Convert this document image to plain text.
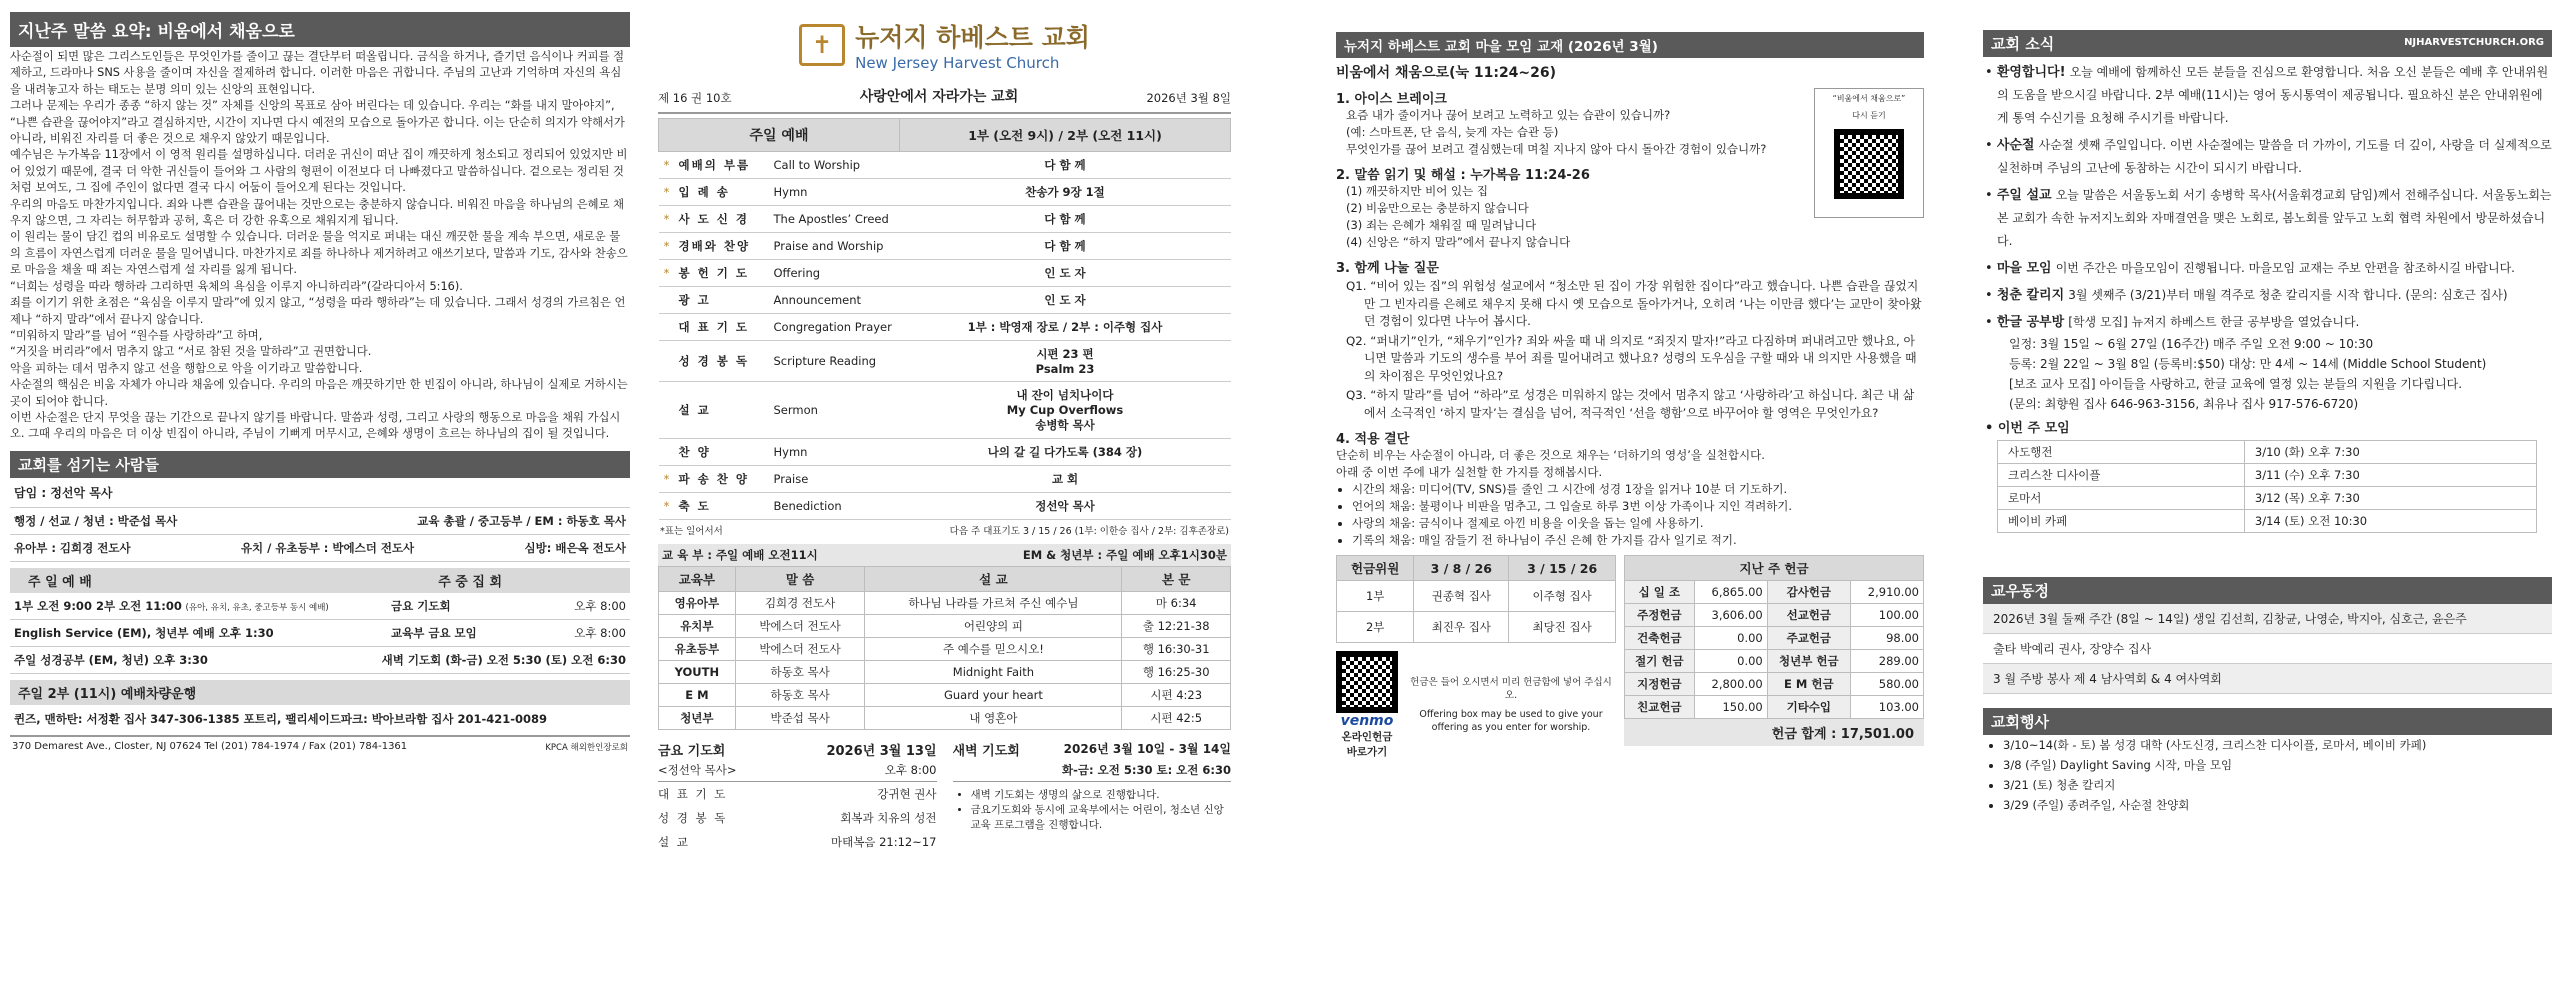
지난주 말씀 요약: 비움에서 채움으로

사순절이 되면 많은 그리스도인들은 무엇인가를 줄이고 끊는 결단부터 떠올립니다. 금식을 하거나, 즐기던 음식이나 커피를 절제하고, 드라마나 SNS 사용을 줄이며 자신을 절제하려 합니다. 이러한 마음은 귀합니다. 주님의 고난과 기억하며 자신의 욕심을 내려놓고자 하는 태도는 분명 의미 있는 신앙의 표현입니다.

그러나 문제는 우리가 종종 “하지 않는 것” 자체를 신앙의 목표로 삼아 버린다는 데 있습니다. 우리는 “화를 내지 말아야지”, “나쁜 습관을 끊어야지”라고 결심하지만, 시간이 지나면 다시 예전의 모습으로 돌아가곤 합니다. 이는 단순히 의지가 약해서가 아니라, 비워진 자리를 더 좋은 것으로 채우지 않았기 때문입니다.

예수님은 누가복음 11장에서 이 영적 원리를 설명하십니다. 더러운 귀신이 떠난 집이 깨끗하게 청소되고 정리되어 있었지만 비어 있었기 때문에, 결국 더 악한 귀신들이 들어와 그 사람의 형편이 이전보다 더 나빠졌다고 말씀하십니다. 겉으로는 정리된 것처럼 보여도, 그 집에 주인이 없다면 결국 다시 어둠이 들어오게 된다는 것입니다.

우리의 마음도 마찬가지입니다. 죄와 나쁜 습관을 끊어내는 것만으로는 충분하지 않습니다. 비워진 마음을 하나님의 은혜로 채우지 않으면, 그 자리는 허무함과 공허, 혹은 더 강한 유혹으로 채워지게 됩니다.

이 원리는 물이 담긴 컵의 비유로도 설명할 수 있습니다. 더러운 물을 억지로 퍼내는 대신 깨끗한 물을 계속 부으면, 새로운 물의 흐름이 자연스럽게 더러운 물을 밀어냅니다. 마찬가지로 죄를 하나하나 제거하려고 애쓰기보다, 말씀과 기도, 감사와 찬송으로 마음을 채울 때 죄는 자연스럽게 설 자리를 잃게 됩니다.

“너희는 성령을 따라 행하라 그리하면 육체의 욕심을 이루지 아니하리라”(갈라디아서 5:16).

죄를 이기기 위한 초점은 “육심을 이루지 말라”에 있지 않고, “성령을 따라 행하라”는 데 있습니다. 그래서 성경의 가르침은 언제나 “하지 말라”에서 끝나지 않습니다.

“미워하지 말라”를 넘어 “원수를 사랑하라”고 하며,

“거짓을 버리라”에서 멈추지 않고 “서로 참된 것을 말하라”고 권면합니다.

악을 피하는 데서 멈추지 않고 선을 행함으로 악을 이기라고 말씀합니다.

사순절의 핵심은 비움 자체가 아니라 채움에 있습니다. 우리의 마음은 깨끗하기만 한 빈집이 아니라, 하나님이 실제로 거하시는 곳이 되어야 합니다.

이번 사순절은 단지 무엇을 끊는 기간으로 끝나지 않기를 바랍니다. 말씀과 성령, 그리고 사랑의 행동으로 마음을 채워 가십시오. 그때 우리의 마음은 더 이상 빈집이 아니라, 주님이 기뻐게 머무시고, 은혜와 생명이 흐르는 하나님의 집이 될 것입니다.

교회를 섬기는 사람들
담임 : 정선악 목사
행정 / 선교 / 청년 : 박준섭 목사	교육 총괄 / 중고등부 / EM : 하동호 목사
유아부 : 김희경 전도사	유치 / 유초등부 : 박에스더 전도사	심방: 배은옥 전도사
주 일 예 배	주 중 집 회
1부 오전 9:00 2부 오전 11:00 (유아, 유치, 유초, 중고등부 동시 예배)	금요 기도회	오후 8:00
English Service (EM), 청년부 예배 오후 1:30	교육부 금요 모임	오후 8:00
주일 성경공부 (EM, 청년) 오후 3:30	새벽 기도회 (화-금) 오전 5:30 (토) 오전 6:30
주일 2부 (11시) 예배차량운행
퀸즈, 맨하탄: 서정환 집사 347-306-1385 포트리, 팰리세이드파크: 박아브라함 집사 201-421-0089
370 Demarest Ave., Closter, NJ 07624 Tel (201) 784-1974 / Fax (201) 784-1361	KPCA 해외한인장로회
✝ 뉴저지 하베스트 교회
New Jersey Harvest Church
제 16 권 10호	사랑안에서 자라가는 교회	2026년 3월 8일
주일 예배			1부 (오전 9시) / 2부 (오전 11시)
*	예배의 부름	Call to Worship	다 함 께
*	입 례 송	Hymn	찬송가 9장 1절
*	사 도 신 경	The Apostles’ Creed	다 함 께
*	경배와 찬양	Praise and Worship	다 함 께
*	봉 헌 기 도	Offering	인 도 자
	광 고	Announcement	인 도 자
	대 표 기 도	Congregation Prayer	1부 : 박영재 장로 / 2부 : 이주형 집사
	성 경 봉 독	Scripture Reading	시편 23 편
Psalm 23
	설 교	Sermon	내 잔이 넘치나이다
My Cup Overflows
송병학 목사
	찬 양	Hymn	나의 갈 길 다가도록 (384 장)
*	파 송 찬 양	Praise	교 회
*	축 도	Benediction	정선악 목사
*표는 일어서서	다음 주 대표기도 3 / 15 / 26 (1부: 이한승 집사 / 2부: 김후존장로)
교 육 부 : 주일 예배 오전11시	EM & 청년부 : 주일 예배 오후1시30분
교육부	말 씀	설 교	본 문
영유아부	김희경 전도사	하나님 나라를 가르쳐 주신 예수님	마 6:34
유치부	박에스더 전도사	어린양의 피	출 12:21-38
유초등부	박에스더 전도사	주 예수를 믿으시오!	행 16:30-31
YOUTH	하동호 목사	Midnight Faith	행 16:25-30
E M	하동호 목사	Guard your heart	시편 4:23
청년부	박준섭 목사	내 영혼아	시편 42:5
금요 기도회	2026년 3월 13일
<정선악 목사>	오후 8:00
대 표 기 도	강귀현 권사
성 경 봉 독	회복과 치유의 성전
설 교	마태복음 21:12~17
새벽 기도회	2026년 3월 10일 - 3월 14일
화-금: 오전 5:30 토: 오전 6:30
• 새벽 기도회는 생명의 삶으로 진행합니다.
• 금요기도회와 동시에 교육부에서는 어린이, 청소년 신앙 교육 프로그램을 진행합니다.
뉴저지 하베스트 교회 마을 모임 교재 (2026년 3월)
비움에서 채움으로(눅 11:24~26)
1. 아이스 브레이크
요즘 내가 줄이거나 끊어 보려고 노력하고 있는 습관이 있습니까?
(예: 스마트폰, 단 음식, 늦게 자는 습관 등)
무엇인가를 끊어 보려고 결심했는데 며칠 지나지 않아 다시 돌아간 경험이 있습니까?
2. 말씀 읽기 및 해설 : 누가복음 11:24-26
(1) 깨끗하지만 비어 있는 집
(2) 비움만으로는 충분하지 않습니다
(3) 죄는 은혜가 채워질 때 밀려납니다
(4) 신앙은 “하지 말라”에서 끝나지 않습니다
“비움에서 채움으로”
다시 듣기
3. 함께 나눌 질문
Q1. “비어 있는 집”의 위험성 설교에서 “청소만 된 집이 가장 위험한 집이다”라고 했습니다. 나쁜 습관을 끊었지만 그 빈자리를 은혜로 채우지 못해 다시 옛 모습으로 돌아가거나, 오히려 ‘나는 이만큼 했다’는 교만이 찾아왔던 경험이 있다면 나누어 봅시다.
Q2. “퍼내기”인가, “채우기”인가? 죄와 싸울 때 내 의지로 “죄짓지 말자!”라고 다짐하며 퍼내려고만 했나요, 아니면 말씀과 기도의 생수를 부어 죄를 밀어내려고 했나요? 성령의 도우심을 구할 때와 내 의지만 사용했을 때의 차이점은 무엇인었나요?
Q3. “하지 말라”를 넘어 “하라”로 성경은 미워하지 않는 것에서 멈추지 않고 ‘사랑하라’고 하십니다. 최근 내 삶에서 소극적인 ‘하지 말자’는 결심을 넘어, 적극적인 ‘선을 행함’으로 바꾸어야 할 영역은 무엇인가요?
4. 적용 결단
단순히 비우는 사순절이 아니라, 더 좋은 것으로 채우는 ‘더하기의 영성’을 실천합시다.
아래 중 이번 주에 내가 실천할 한 가지를 정해봅시다.
• 시간의 채움: 미디어(TV, SNS)를 줄인 그 시간에 성경 1장을 읽거나 10분 더 기도하기.
• 언어의 채움: 불평이나 비판을 멈추고, 그 입술로 하루 3번 이상 가족이나 지인 격려하기.
• 사랑의 채움: 금식이나 절제로 아낀 비용을 이웃을 돕는 일에 사용하기.
• 기록의 채움: 매일 잠들기 전 하나님이 주신 은혜 한 가지를 감사 일기로 적기.
헌금위원	3 / 8 / 26	3 / 15 / 26
1부	권종혁 집사	이주형 집사
2부	최진우 집사	최당진 집사
venmo
온라인헌금 바로가기
헌금은 들어 오시면서 미리 헌금함에 넣어 주십시오.
Offering box may be used to give your offering as you enter for worship.
지난 주 헌금			
십 일 조	6,865.00	감사헌금	2,910.00
주정헌금	3,606.00	선교헌금	100.00
건축헌금	0.00	주교헌금	98.00
절기 헌금	0.00	청년부 헌금	289.00
지정헌금	2,800.00	E M 헌금	580.00
친교헌금	150.00	기타수입	103.00
헌금 합계 : 17,501.00
교회 소식	NJHARVESTCHURCH.ORG
• 환영합니다! 오늘 예배에 함께하신 모든 분들을 진심으로 환영합니다. 처음 오신 분들은 예배 후 안내위원의 도움을 받으시길 바랍니다. 2부 예배(11시)는 영어 동시통역이 제공됩니다. 필요하신 분은 안내위원에게 통역 수신기를 요청해 주시기를 바랍니다.
• 사순절 사순절 셋째 주일입니다. 이번 사순절에는 말씀을 더 가까이, 기도를 더 깊이, 사랑을 더 실제적으로 실천하며 주님의 고난에 동참하는 시간이 되시기 바랍니다.
• 주일 설교 오늘 말씀은 서울동노회 서기 송병학 목사(서울휘경교회 담임)께서 전해주십니다. 서울동노회는 본 교회가 속한 뉴저지노회와 자매결연을 맺은 노회로, 봄노회를 앞두고 노회 협력 차원에서 방문하셨습니다.
• 마을 모임 이번 주간은 마을모임이 진행됩니다. 마을모임 교재는 주보 안편을 참조하시길 바랍니다.
• 청춘 칼리지 3월 셋째주 (3/21)부터 매월 격주로 청춘 칼리지를 시작 합니다. (문의: 심호근 집사)
• 한글 공부방 [학생 모집] 뉴저지 하베스트 한글 공부방을 열었습니다.
일정: 3월 15일 ~ 6월 27일 (16주간) 매주 주일 오전 9:00 ~ 10:30
등록: 2월 22일 ~ 3월 8일 (등록비:$50) 대상: 만 4세 ~ 14세 (Middle School Student)
[보조 교사 모집] 아이들을 사랑하고, 한글 교육에 열정 있는 분들의 지원을 기다립니다.
(문의: 최향원 집사 646-963-3156, 최유나 집사 917-576-6720)
• 이번 주 모임
사도행전	3/10 (화) 오후 7:30
크리스찬 디사이플	3/11 (수) 오후 7:30
로마서	3/12 (목) 오후 7:30
베이비 카페	3/14 (토) 오전 10:30
교우동정
2026년 3월 둘째 주간 (8일 ~ 14일) 생일 김선희, 김창균, 나영순, 박지아, 심호근, 윤은주
출타 박예리 권사, 장양수 집사
3 월 주방 봉사 제 4 남사역회 & 4 여사역회
교회행사
• 3/10~14(화 - 토) 봄 성경 대학 (사도신경, 크리스찬 디사이플, 로마서, 베이비 카페)
• 3/8 (주일) Daylight Saving 시작, 마을 모임
• 3/21 (토) 청춘 칼리지
• 3/29 (주일) 종려주일, 사순절 찬양회
